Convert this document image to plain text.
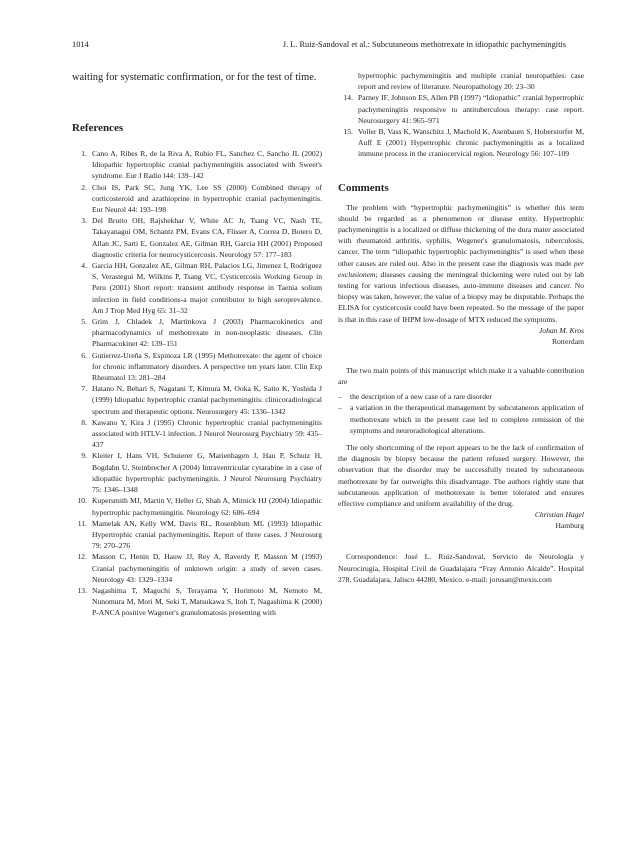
1014	J. L. Ruiz-Sandoval et al.: Subcutaneous methotrexate in idiopathic pachymeningitis

waiting for systematic confirmation, or for the test of time.

References
1. Cano A, Ribes R, de la Riva A, Rubio FL, Sanchez C, Sancho JL (2002) Idiopathic hypertrophic cranial pachymeningitis associated with Sweet's syndrome. Eur J Radio l44: 139–142
2. Choi IS, Park SC, Jung YK, Lee SS (2000) Combined therapy of corticosteroid and azathioprine in hypertrophic cranial pachymeningitis. Eur Neurol 44: 193–198
3. Del Brutto OH, Rajshekhar V, White AC Jr, Tsang VC, Nash TE, Takayanagui OM, Schantz PM, Evans CA, Flisser A, Correa D, Botero D, Allan JC, Sarti E, Gonzalez AE, Gilman RH, Garcia HH (2001) Proposed diagnostic criteria for neurocysticercosis. Neurology 57: 177–183
4. Garcia HH, Gonzalez AE, Gilman RH, Palacios LG, Jimenez I, Rodriguez S, Verastegui M, Wilkins P, Tsang VC, Cysticercosis Working Group in Peru (2001) Short report: transient antibody response in Taenia solium infection in field conditions-a major contributor to high seroprevalence. Am J Trop Med Hyg 65: 31–32
5. Grim J, Chladek J, Martinkova J (2003) Pharmacokinetics and pharmacodynamics of methotrexate in non-neoplastic diseases. Clin Pharmacokinet 42: 139–151
6. Gutierrez-Ureña S, Espinoza LR (1995) Methotrexate: the agent of choice for chronic inflammatory disorders. A perspective ten years later. Clin Exp Rheumatol 13: 281–284
7. Hatano N, Behari S, Nagatani T, Kimura M, Ooka K, Saito K, Yoshida J (1999) Idiopathic hypertrophic cranial pachymeningitis: clinicoradiological spectrum and therapeutic options. Neurosurgery 45: 1336–1342
8. Kawano Y, Kira J (1995) Chronic hypertrophic cranial pachymeningitis associated with HTLV-1 infection. J Neurol Neurosurg Psychiatry 59: 435–437
9. Kleiter I, Hans VH, Schuierer G, Marienhagen J, Hau P, Schutz H, Bogdahn U, Steinbrecher A (2004) Intraventricular cytarabine in a case of idiopathic hypertrophic pachymeningitis. J Neurol Neurosurg Psychiatry 75: 1346–1348
10. Kupersmith MJ, Martin V, Heller G, Shah A, Mitnick HJ (2004) Idiopathic hypertrophic pachymeningitis. Neurology 62: 686–694
11. Mamelak AN, Kelly WM, Davis RL, Rosenblum ML (1993) Idiopathic Hypertrophic cranial pachymeningitis. Report of three cases. J Neurosurg 79: 270–276
12. Masson C, Henin D, Hauw JJ, Rey A, Raverdy P, Masson M (1993) Cranial pachymeningitis of unknown origin: a study of seven cases. Neurology 43: 1329–1334
13. Nagashima T, Maguchi S, Terayama Y, Horimoto M, Nemoto M, Nunomura M, Mori M, Seki T, Matsukawa S, Itoh T, Nagashima K (2000) P-ANCA positive Wagener's granulomatosis presenting with
hypertrophic pachymeningitis and multiple cranial neuropathies: case report and review of literature. Neuropathology 20: 23–30
14. Parney IF, Johnson ES, Allen PB (1997) “Idiopathic” cranial hypertrophic pachymeningitis responsive to antituberculous therapy: case report. Neurosurgery 41: 965–971
15. Voller B, Vass K, Wanschitz J, Machold K, Asenbaum S, Hoberstorfer M, Auff E (2001) Hypertrophic chronic pachymeningitis as a localized immune process in the craniocervical region. Neurology 56: 107–109
Comments

The problem with “hypertrophic pachymeningitis” is whether this term should be regarded as a phenomenon or disease entity. Hypertrophic pachymeningitis is a localized or diffuse thickening of the dura mater associated with rheumatoid arthritis, syphilis, Wegener's granulomatosis, tuberculosis, cancer. The term “idiopathic hypertrophic pachymeningitis” is used when these other causes are ruled out. Also in the present case the diagnosis was made per exclusionem; diseases causing the meningeal thickening were ruled out by lab testing for various infectious diseases, auto-immune diseases and cancer. No biopsy was taken, however, the value of a biopsy may be disputable. Perhaps the ELISA for cysticercosis could have been repeated. So the message of the paper is that in this case of IHPM low-dosage of MTX reduced the symptoms.

Johan M. Kros
Rotterdam

The two main points of this manuscript which make it a valuable contribution are

– the description of a new case of a rare disorder
– a variation in the therapeutical management by subcutaneous application of methotrexate which in the present case led to complete remission of the symptoms and neuroradiological alterations.

The only shortcoming of the report appears to be the lack of confirmation of the diagnosis by biopsy because the patient refused surgery. However, the observation that the disorder may be successfully treated by subcutaneous methotrexate by far outweighs this disadvantage. The authors rightly state that subcutaneous application of methotrexate is better tolerated and ensures effective compliance and uniform availability of the drug.

Christian Hagel
Hamburg

Correspondence: José L. Ruiz-Sandoval, Servicio de Neurología y Neurocirugía, Hospital Civil de Guadalajara “Fray Antonio Alcalde”. Hospital 278, Guadalajara, Jalisco 44280, Mexico. e-mail: jorusan@mexis.com
